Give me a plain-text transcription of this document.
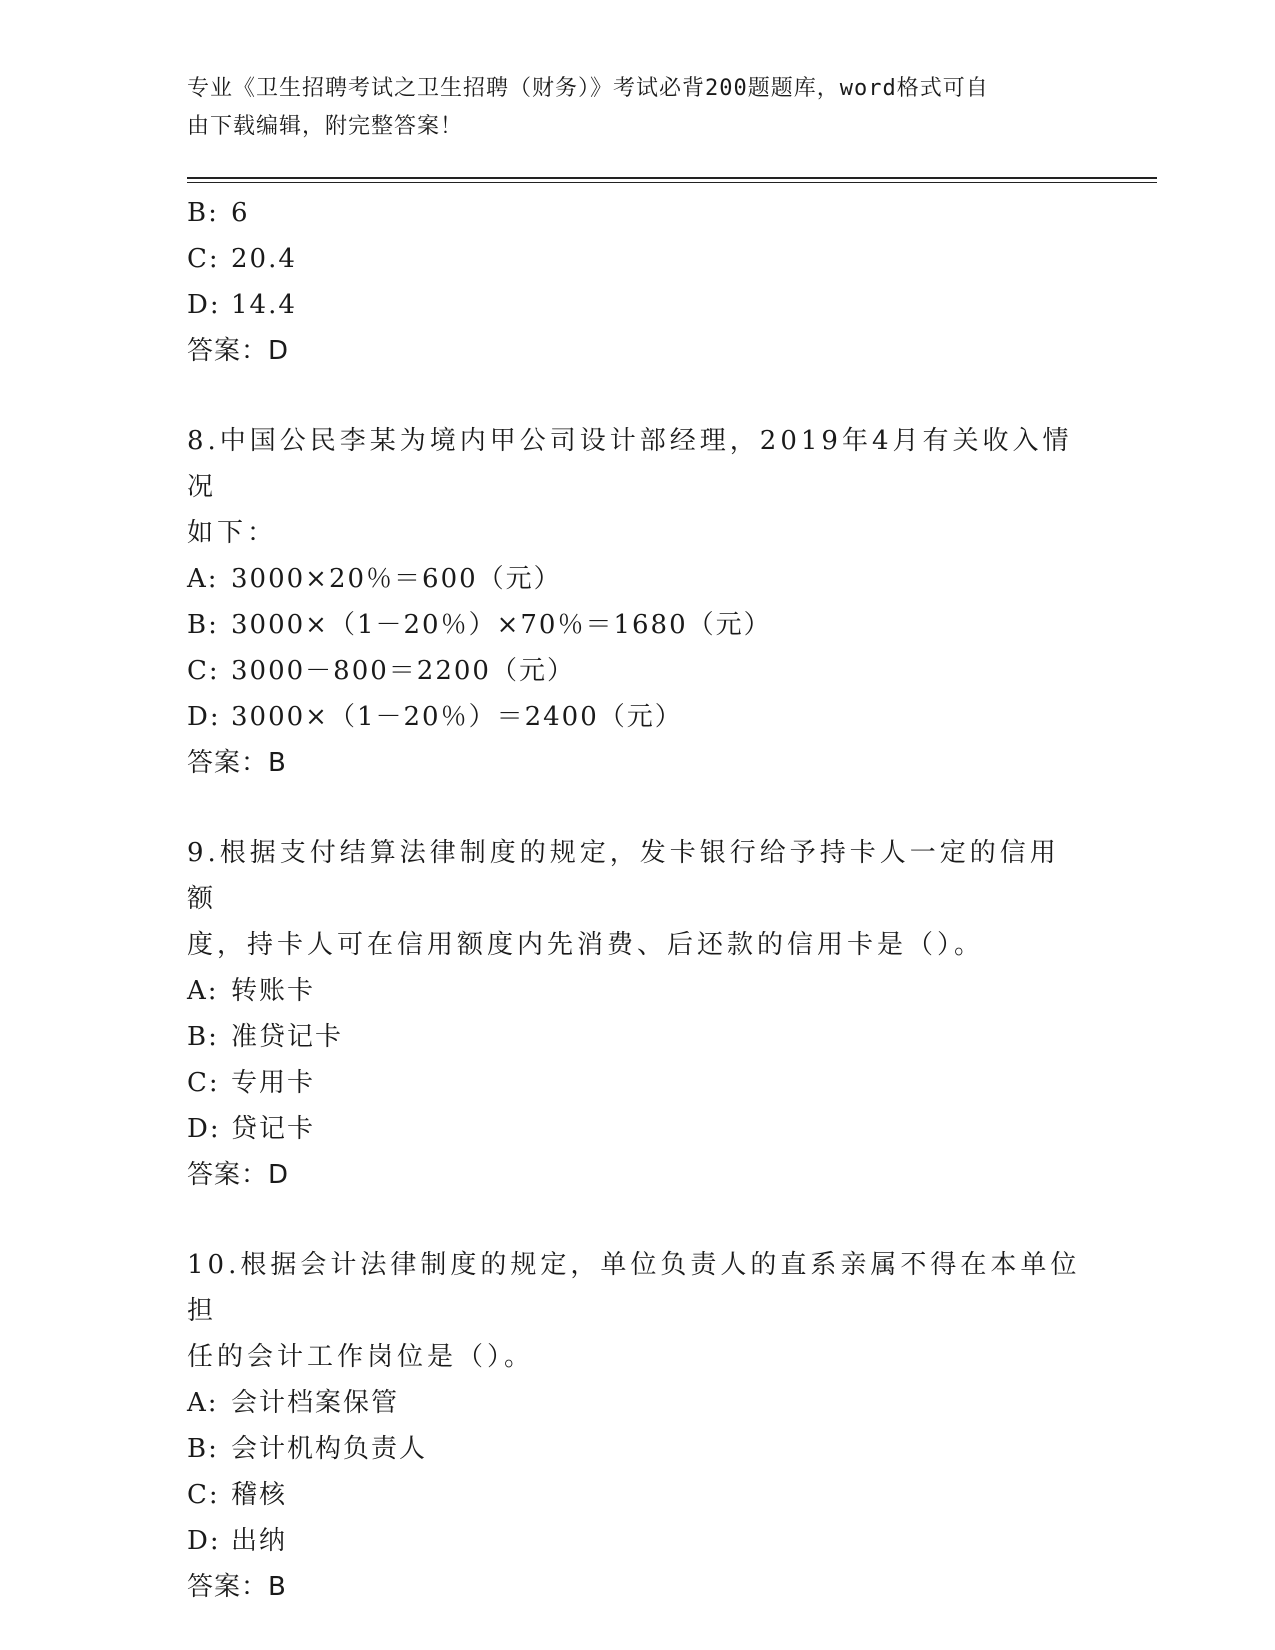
专业《卫生招聘考试之卫生招聘（财务）》考试必背200题题库，word格式可自
由下载编辑，附完整答案！
B: 6
C: 20.4
D: 14.4
答案：D
8.中国公民李某为境内甲公司设计部经理，2019年4月有关收入情况
如下：
A: 3000×20％＝600（元）
B: 3000×（1－20％）×70％＝1680（元）
C: 3000－800＝2200（元）
D: 3000×（1－20％）＝2400（元）
答案：B
9.根据支付结算法律制度的规定，发卡银行给予持卡人一定的信用额
度，持卡人可在信用额度内先消费、后还款的信用卡是（）。
A: 转账卡
B: 准贷记卡
C: 专用卡
D: 贷记卡
答案：D
10.根据会计法律制度的规定，单位负责人的直系亲属不得在本单位担
任的会计工作岗位是（）。
A: 会计档案保管
B: 会计机构负责人
C: 稽核
D: 出纳
答案：B
